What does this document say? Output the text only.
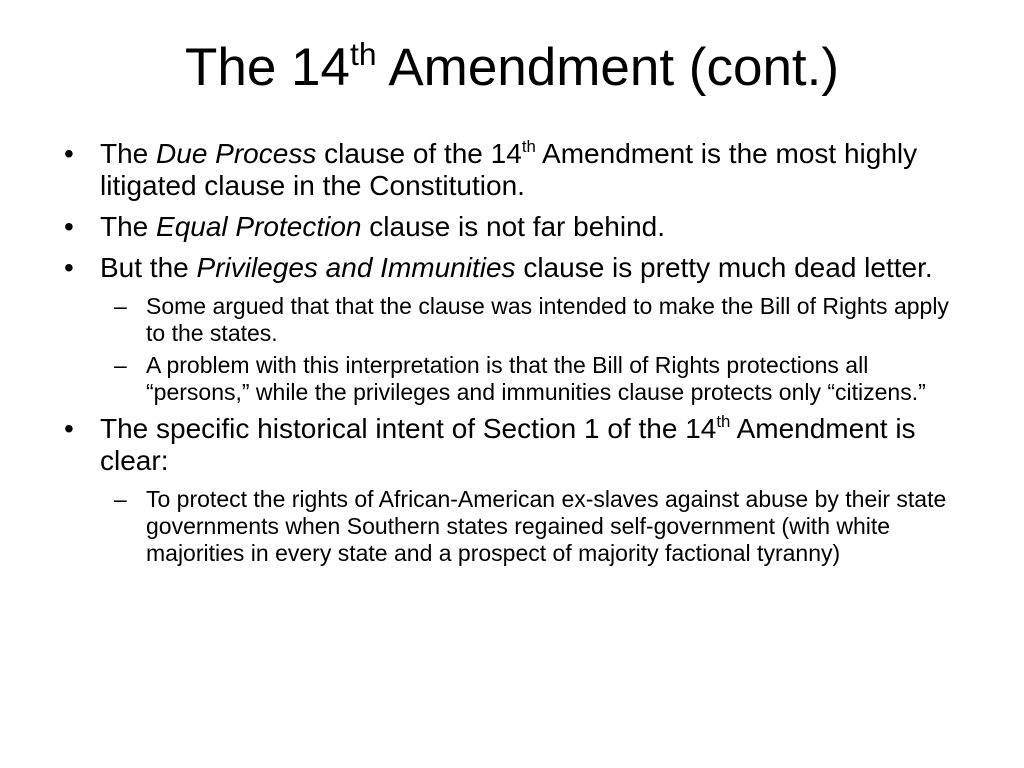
The 14th Amendment (cont.)
• The Due Process clause of the 14th Amendment is the most highly litigated clause in the Constitution.
• The Equal Protection clause is not far behind.
• But the Privileges and Immunities clause is pretty much dead letter.
– Some argued that that the clause was intended to make the Bill of Rights apply to the states.
– A problem with this interpretation is that the Bill of Rights protections all “persons,” while the privileges and immunities clause protects only “citizens.”
• The specific historical intent of Section 1 of the 14th Amendment is clear:
– To protect the rights of African-American ex-slaves against abuse by their state governments when Southern states regained self-government (with white majorities in every state and a prospect of majority factional tyranny)
